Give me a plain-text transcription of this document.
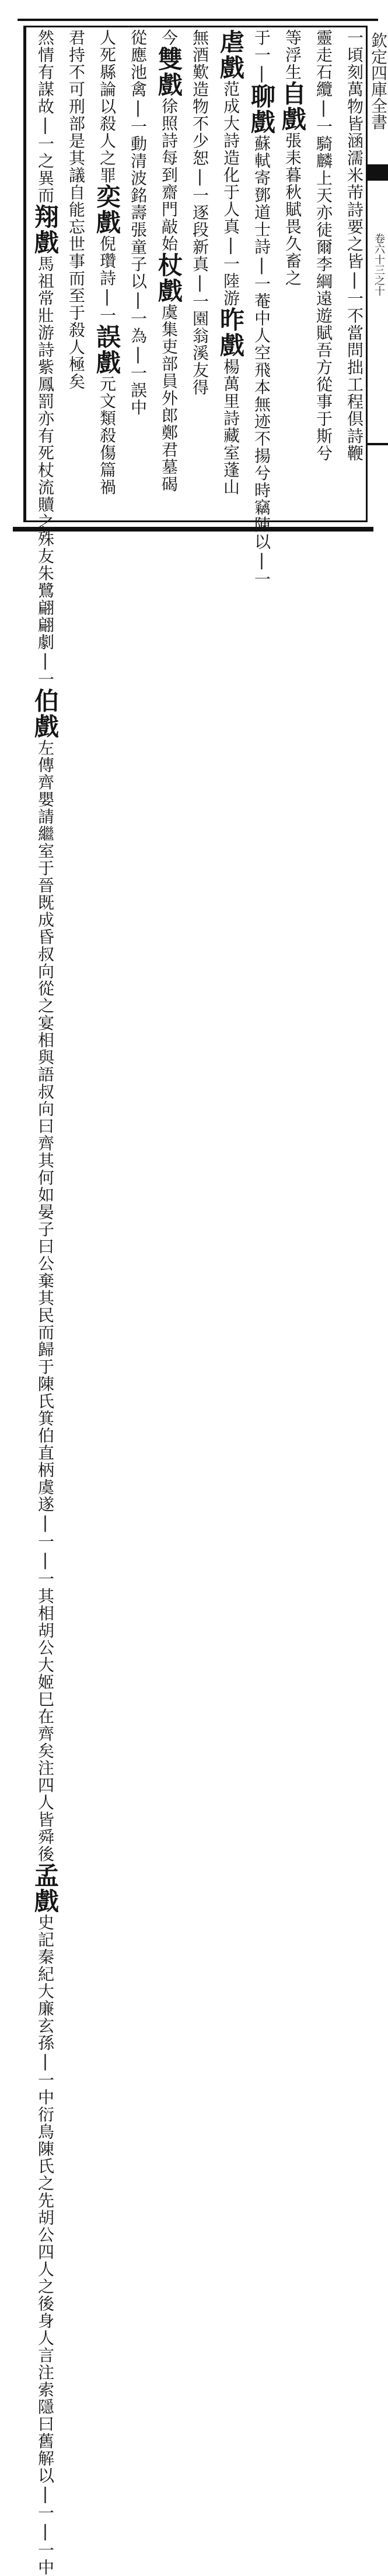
欽定四庫全書
卷六十三之十
一頃刻萬物皆涵濡米芾詩要之皆|一不當問拙工程倶詩鞭
靈走石纜|一騎麟上天亦徒爾李綱遠遊賦吾方從事于斯兮
等浮生自戲張耒暮秋賦畏久畜之
于一|聊戲蘇軾寄鄧道士詩|一菴中人空飛本無迹不揚兮時竊陳以|一
虐戲范成大詩造化于人真|一陸游昨戲楊萬里詩藏室蓬山
無酒歎造物不少恕|一逐段新真|一園翁溪友得
今雙戲徐照詩每到齋門敲始杖戲虞集吏部員外郎鄭君墓碣
從應池禽|一動清波銘壽張童子以|一為|一誤中
人死縣論以殺人之罪奕戲倪瓚詩|一誤戲元文類殺傷篇禍
君持不可刑部是其議自能忘世事而至于殺人極矣
然情有謀故|一之異而翔戲馬祖常壯游詩紫鳳罰亦有死杖流贖之殊友朱鷺翩翩劇|一伯戲左傳齊嬰請繼室于晉既成昏叔向從之宴相與語叔向曰齊其何如晏子曰公棄其民而歸于陳氏箕伯直柄虞遂|一|一其相胡公大姬巳在齊矣注四人皆舜後孟戲史記秦紀大廉玄孫|一中衍鳥陳氏之先胡公四人之後身人言注索隱曰舊解以|一|一中
